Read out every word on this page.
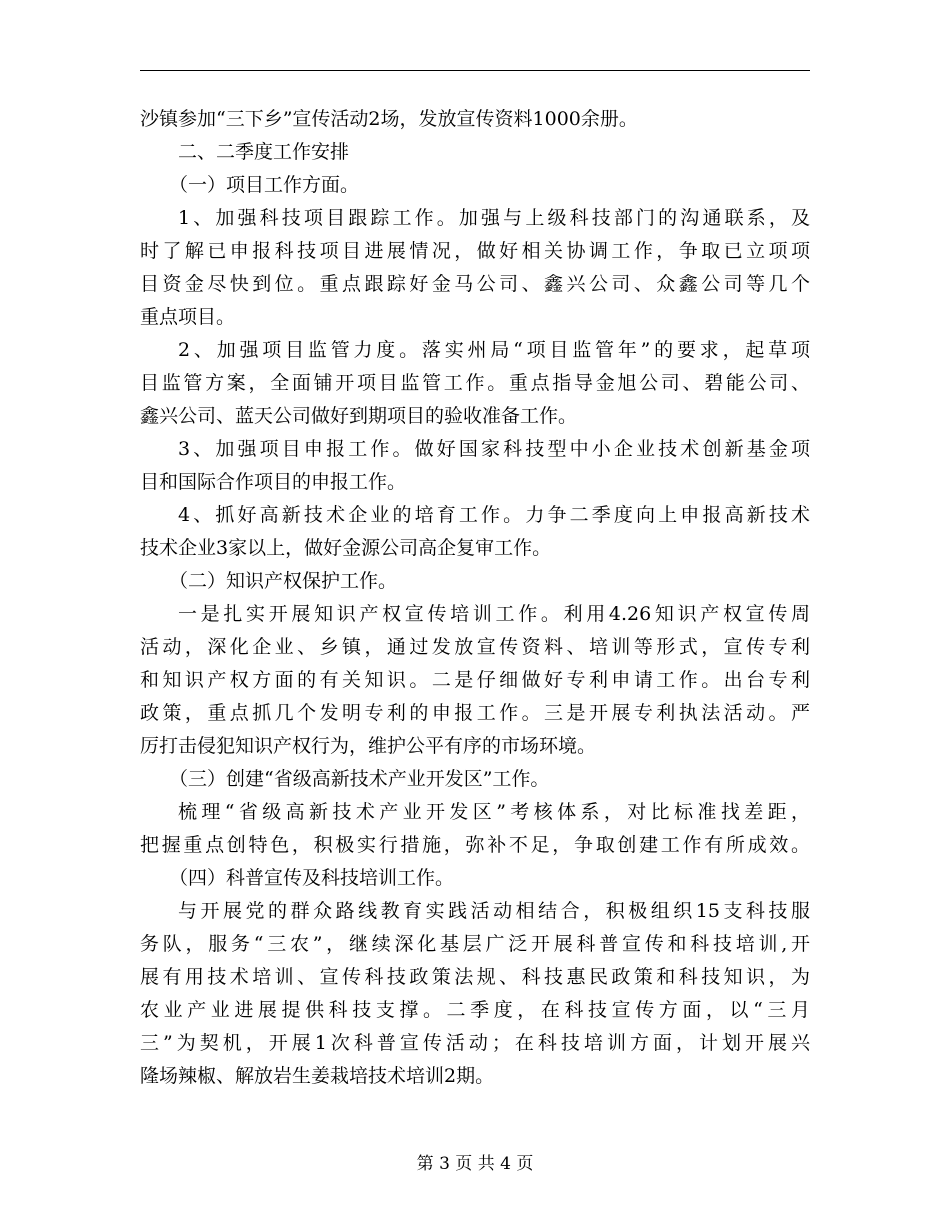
沙镇参加“三下乡”宣传活动2场，发放宣传资料1000余册。
二、二季度工作安排
（一）项目工作方面。
1、加强科技项目跟踪工作。加强与上级科技部门的沟通联系，及
时了解已申报科技项目进展情况，做好相关协调工作，争取已立项项
目资金尽快到位。重点跟踪好金马公司、鑫兴公司、众鑫公司等几个
重点项目。
2、加强项目监管力度。落实州局“项目监管年”的要求，起草项
目监管方案，全面铺开项目监管工作。重点指导金旭公司、碧能公司、
鑫兴公司、蓝天公司做好到期项目的验收准备工作。
3、加强项目申报工作。做好国家科技型中小企业技术创新基金项
目和国际合作项目的申报工作。
4、抓好高新技术企业的培育工作。力争二季度向上申报高新技术
技术企业3家以上，做好金源公司高企复审工作。
（二）知识产权保护工作。
一是扎实开展知识产权宣传培训工作。利用4.26知识产权宣传周
活动，深化企业、乡镇，通过发放宣传资料、培训等形式，宣传专利
和知识产权方面的有关知识。二是仔细做好专利申请工作。出台专利
政策，重点抓几个发明专利的申报工作。三是开展专利执法活动。严
厉打击侵犯知识产权行为，维护公平有序的市场环境。
（三）创建“省级高新技术产业开发区”工作。
梳理“省级高新技术产业开发区”考核体系，对比标准找差距，
把握重点创特色，积极实行措施，弥补不足，争取创建工作有所成效。
（四）科普宣传及科技培训工作。
与开展党的群众路线教育实践活动相结合，积极组织15支科技服
务队，服务“三农”，继续深化基层广泛开展科普宣传和科技培训,开
展有用技术培训、宣传科技政策法规、科技惠民政策和科技知识，为
农业产业进展提供科技支撑。二季度，在科技宣传方面，以“三月
三”为契机，开展1次科普宣传活动；在科技培训方面，计划开展兴
隆场辣椒、解放岩生姜栽培技术培训2期。
第 3 页 共 4 页
